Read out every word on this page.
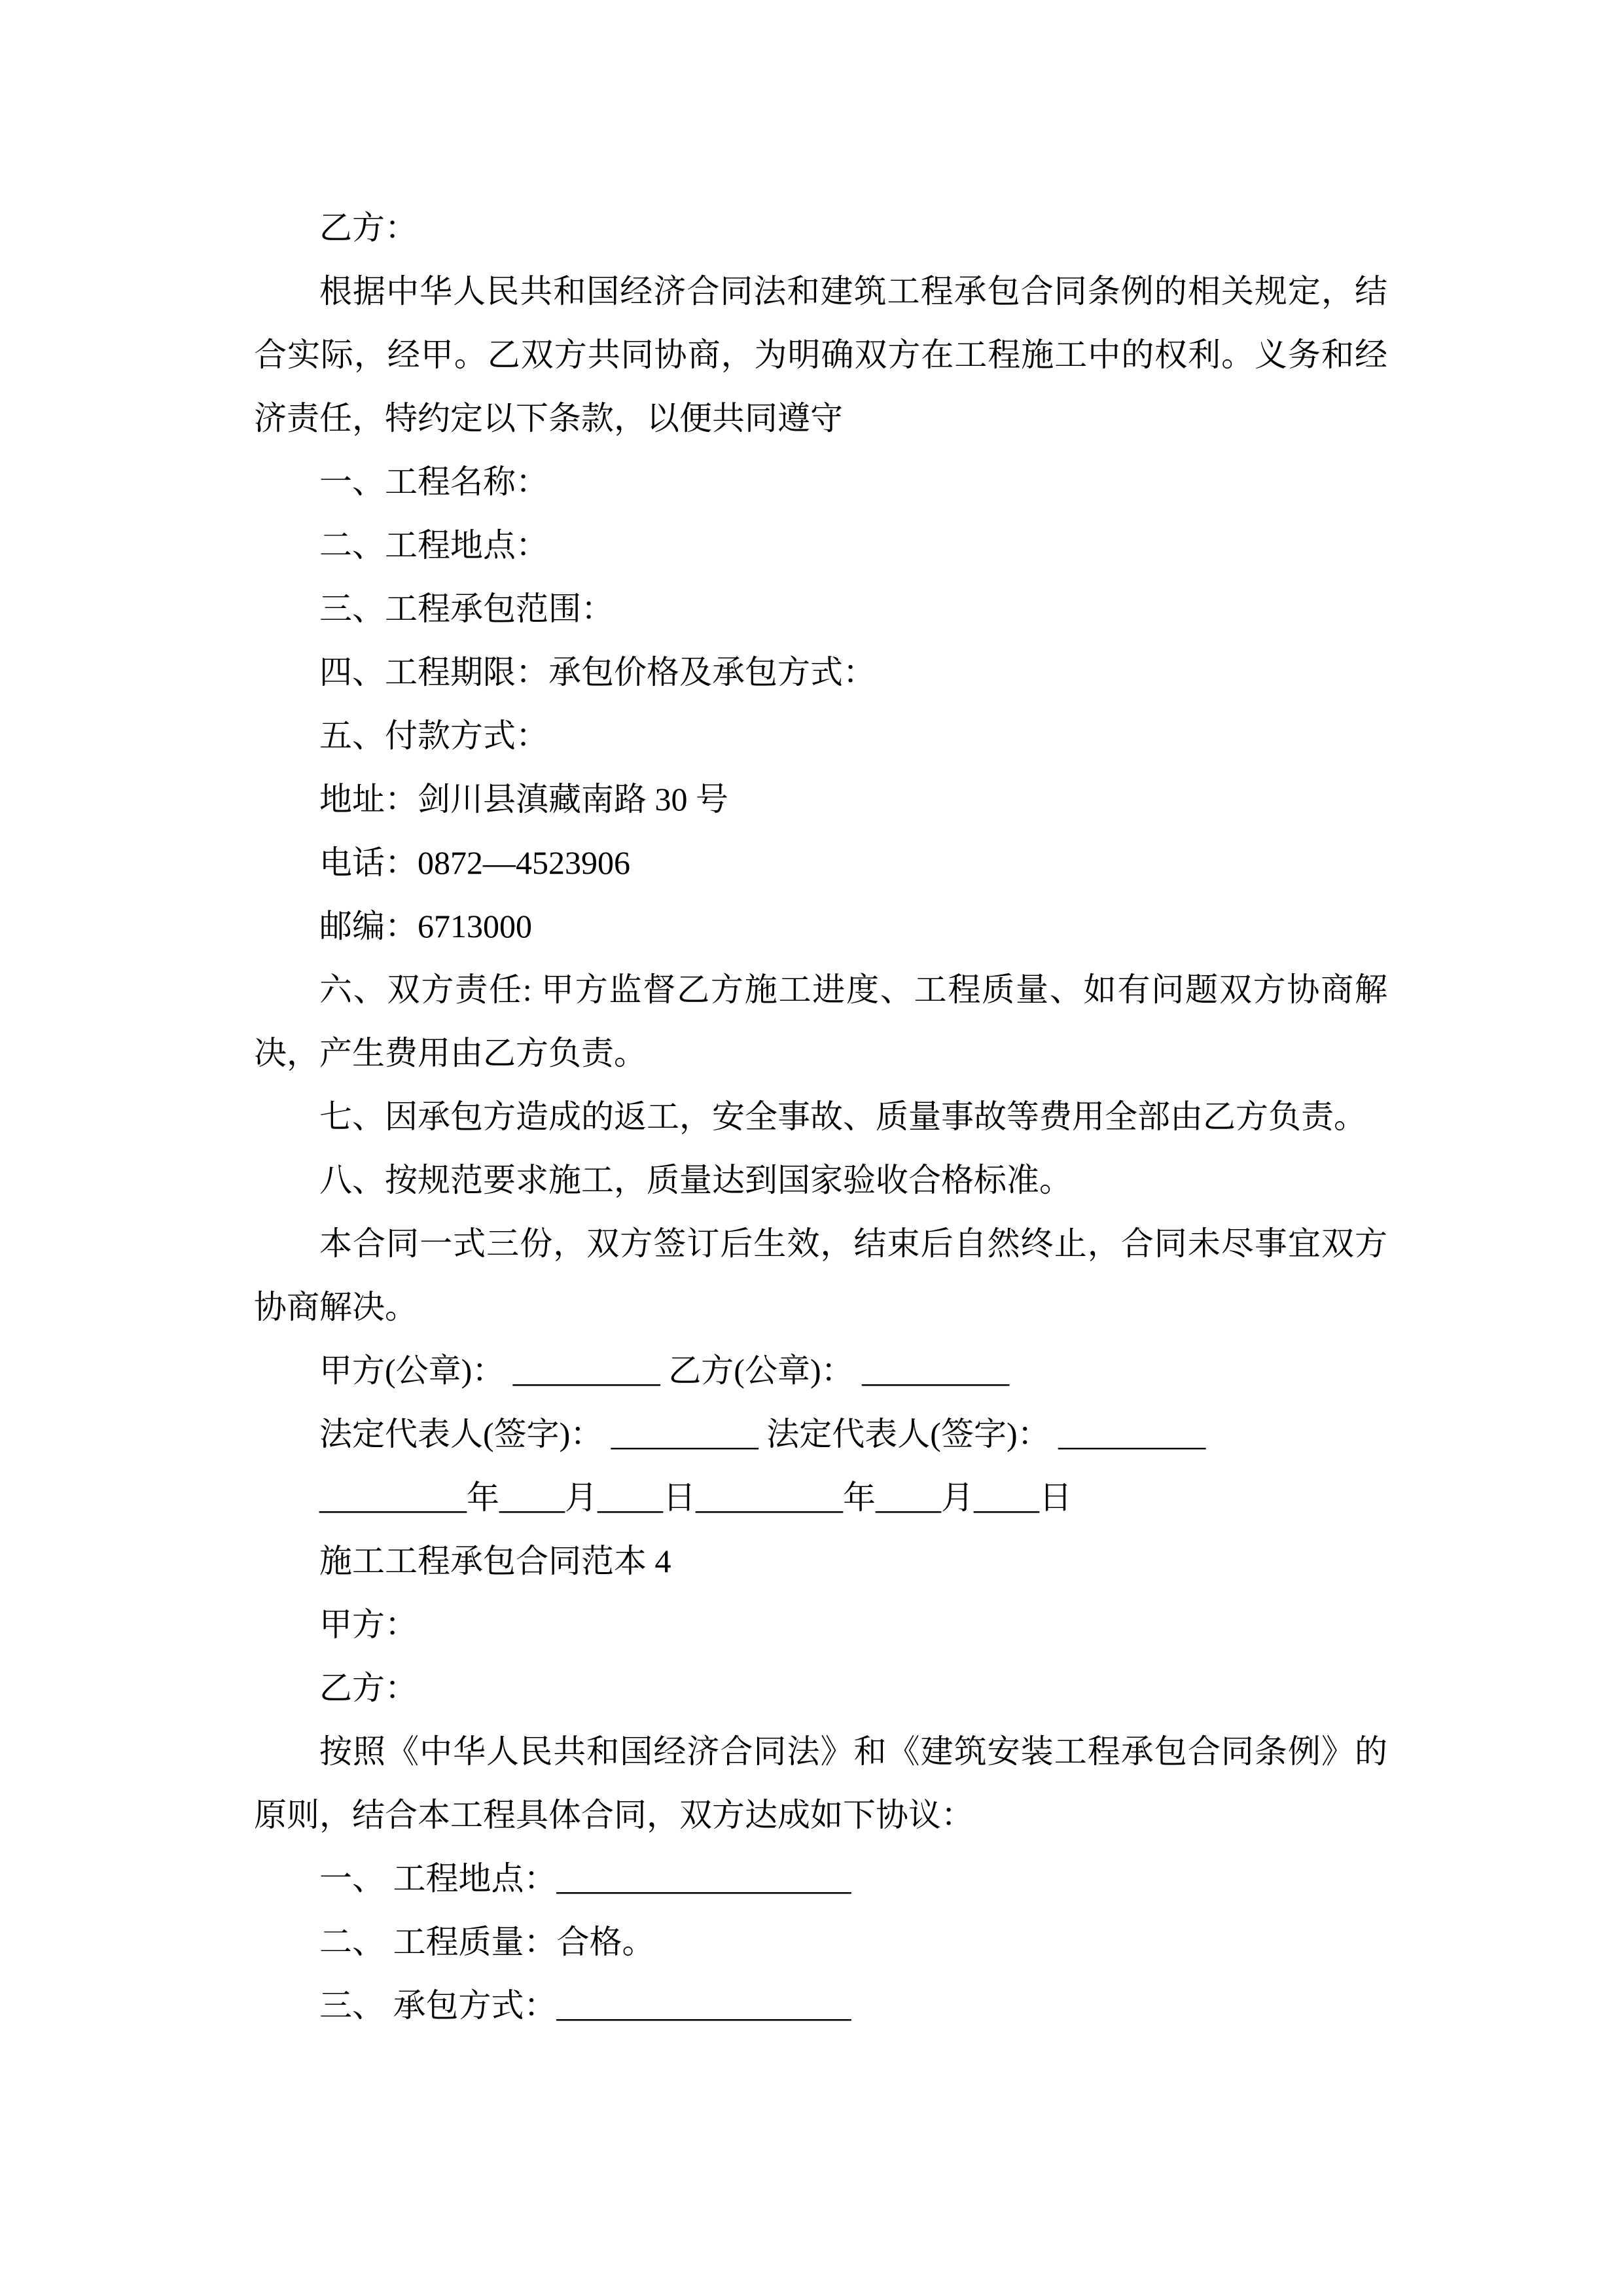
乙方：
根据中华人民共和国经济合同法和建筑工程承包合同条例的相关规定，结合实际，经甲。乙双方共同协商，为明确双方在工程施工中的权利。义务和经济责任，特约定以下条款，以便共同遵守
一、工程名称：
二、工程地点：
三、工程承包范围：
四、工程期限：承包价格及承包方式：
五、付款方式：
地址：剑川县滇藏南路 30 号
电话：0872—4523906
邮编：6713000
六、双方责任: 甲方监督乙方施工进度、工程质量、如有问题双方协商解决，产生费用由乙方负责。
七、因承包方造成的返工，安全事故、质量事故等费用全部由乙方负责。
八、按规范要求施工，质量达到国家验收合格标准。
本合同一式三份，双方签订后生效，结束后自然终止，合同未尽事宜双方协商解决。
甲方(公章)： _________ 乙方(公章)： _________
法定代表人(签字)： _________ 法定代表人(签字)： _________
_________年____月____日_________年____月____日
施工工程承包合同范本 4
甲方：
乙方：
按照《中华人民共和国经济合同法》和《建筑安装工程承包合同条例》的原则，结合本工程具体合同，双方达成如下协议：
一、 工程地点：__________________
二、 工程质量：合格。
三、 承包方式：__________________
